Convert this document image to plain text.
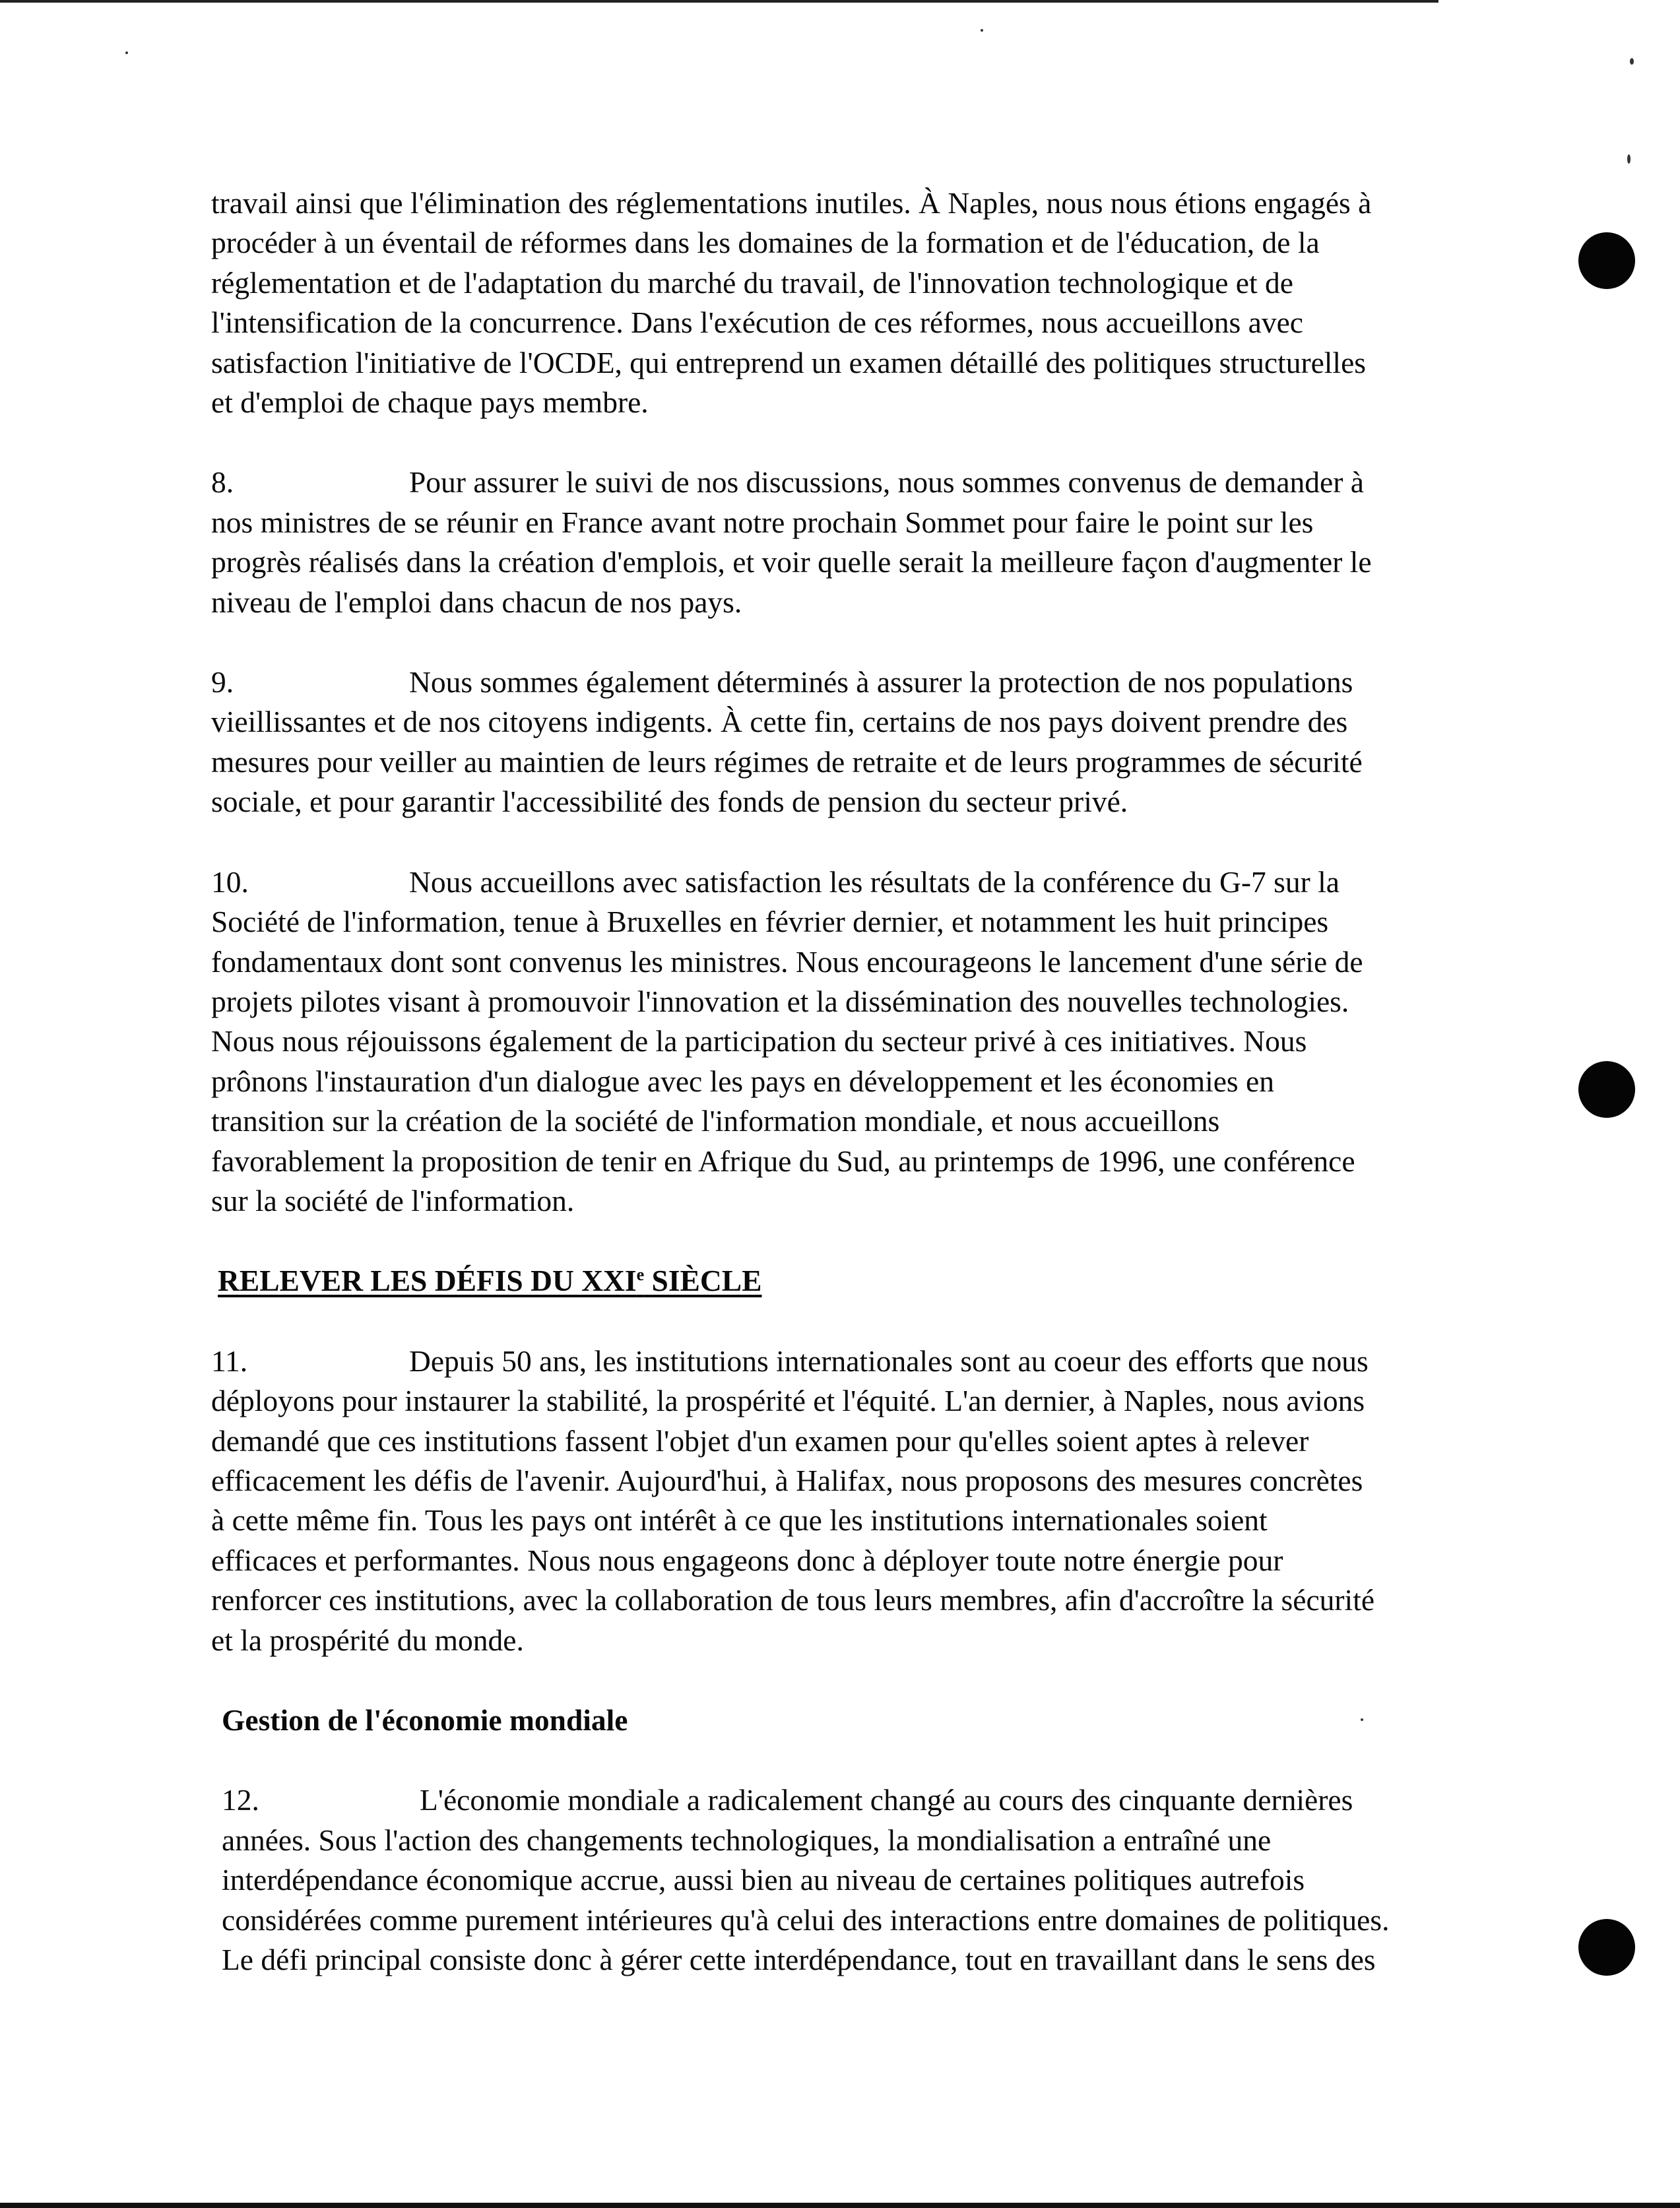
travail ainsi que l'élimination des réglementations inutiles. À Naples, nous nous étions engagés à
procéder à un éventail de réformes dans les domaines de la formation et de l'éducation, de la
réglementation et de l'adaptation du marché du travail, de l'innovation technologique et de
l'intensification de la concurrence. Dans l'exécution de ces réformes, nous accueillons avec
satisfaction l'initiative de l'OCDE, qui entreprend un examen détaillé des politiques structurelles
et d'emploi de chaque pays membre.
8.	Pour assurer le suivi de nos discussions, nous sommes convenus de demander à
nos ministres de se réunir en France avant notre prochain Sommet pour faire le point sur les
progrès réalisés dans la création d'emplois, et voir quelle serait la meilleure façon d'augmenter le
niveau de l'emploi dans chacun de nos pays.
9.	Nous sommes également déterminés à assurer la protection de nos populations
vieillissantes et de nos citoyens indigents. À cette fin, certains de nos pays doivent prendre des
mesures pour veiller au maintien de leurs régimes de retraite et de leurs programmes de sécurité
sociale, et pour garantir l'accessibilité des fonds de pension du secteur privé.
10.	Nous accueillons avec satisfaction les résultats de la conférence du G-7 sur la
Société de l'information, tenue à Bruxelles en février dernier, et notamment les huit principes
fondamentaux dont sont convenus les ministres. Nous encourageons le lancement d'une série de
projets pilotes visant à promouvoir l'innovation et la dissémination des nouvelles technologies.
Nous nous réjouissons également de la participation du secteur privé à ces initiatives. Nous
prônons l'instauration d'un dialogue avec les pays en développement et les économies en
transition sur la création de la société de l'information mondiale, et nous accueillons
favorablement la proposition de tenir en Afrique du Sud, au printemps de 1996, une conférence
sur la société de l'information.
RELEVER LES DÉFIS DU XXIe SIÈCLE
11.	Depuis 50 ans, les institutions internationales sont au coeur des efforts que nous
déployons pour instaurer la stabilité, la prospérité et l'équité. L'an dernier, à Naples, nous avions
demandé que ces institutions fassent l'objet d'un examen pour qu'elles soient aptes à relever
efficacement les défis de l'avenir. Aujourd'hui, à Halifax, nous proposons des mesures concrètes
à cette même fin. Tous les pays ont intérêt à ce que les institutions internationales soient
efficaces et performantes. Nous nous engageons donc à déployer toute notre énergie pour
renforcer ces institutions, avec la collaboration de tous leurs membres, afin d'accroître la sécurité
et la prospérité du monde.
Gestion de l'économie mondiale
12.	L'économie mondiale a radicalement changé au cours des cinquante dernières
années. Sous l'action des changements technologiques, la mondialisation a entraîné une
interdépendance économique accrue, aussi bien au niveau de certaines politiques autrefois
considérées comme purement intérieures qu'à celui des interactions entre domaines de politiques.
Le défi principal consiste donc à gérer cette interdépendance, tout en travaillant dans le sens des
